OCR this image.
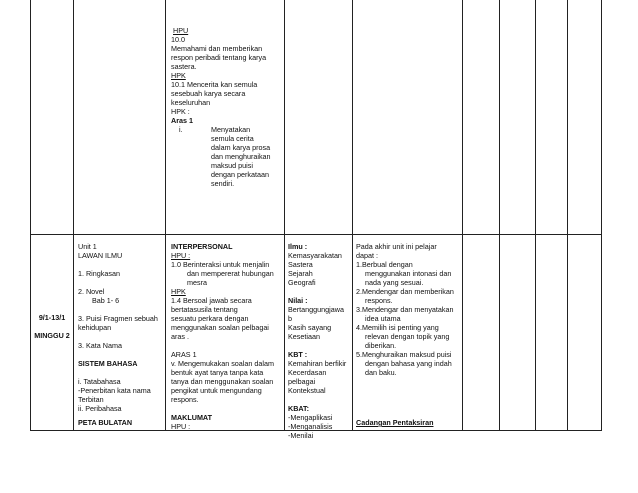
HPU
10.0
Memahami dan memberikan
respon peribadi tentang karya
sastera.
HPK
10.1 Mencerita kan semula
sesebuah karya secara
keseluruhan
HPK :
Aras 1
i.	Menyatakan
semula cerita
dalam karya prosa
dan menghuraikan
maksud puisi
dengan perkataan
sendiri.
9/1-13/1
MINGGU 2
Unit 1
LAWAN ILMU
1. Ringkasan
2. Novel
Bab 1- 6
3. Puisi Fragmen sebuah
kehidupan
3. Kata Nama
SISTEM BAHASA
i. Tatabahasa
-Penerbitan kata nama
Terbitan
ii. Peribahasa
PETA BULATAN
INTERPERSONAL
HPU :
1.0 Berinteraksi untuk menjalin
dan mempererat hubungan
mesra
HPK
1.4 Bersoal jawab secara
bertatasusila tentang
sesuatu perkara dengan
menggunakan soalan pelbagai
aras .
ARAS 1
v. Mengemukakan soalan dalam
bentuk ayat tanya tanpa kata
tanya dan menggunakan soalan
pengikat untuk mengundang
respons.
MAKLUMAT
HPU :
Ilmu :
Kemasyarakatan
Sastera
Sejarah
Geografi
Nilai :
Bertanggungjawa
b
Kasih sayang
Kesetiaan
KBT :
Kemahiran berfikir
Kecerdasan
pelbagai
Kontekstual
KBAT:
-Mengaplikasi
-Menganalisis
-Menilai
Pada akhir unit ini pelajar
dapat :
1.Berbual dengan
menggunakan intonasi dan
nada yang sesuai.
2.Mendengar dan memberikan
respons.
3.Mendengar dan menyatakan
idea utama
4.Memilih isi penting yang
relevan dengan topik yang
diberikan.
5.Menghuraikan maksud puisi
dengan bahasa yang indah
dan baku.
Cadangan Pentaksiran
